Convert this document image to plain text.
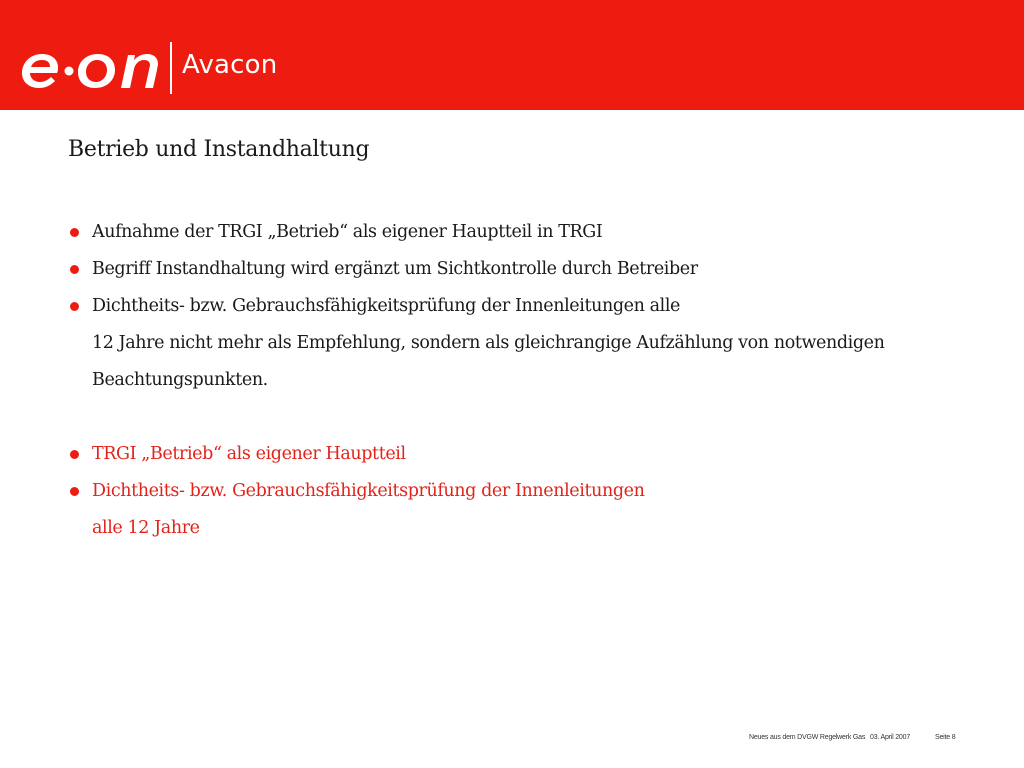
Avacon
Betrieb und Instandhaltung
Aufnahme der TRGI „Betrieb“ als eigener Hauptteil in TRGI
Begriff Instandhaltung wird ergänzt um Sichtkontrolle durch Betreiber
Dichtheits- bzw. Gebrauchsfähigkeitsprüfung der Innenleitungen alle
12 Jahre nicht mehr als Empfehlung, sondern als gleichrangige Aufzählung von notwendigen
Beachtungspunkten.
TRGI „Betrieb“ als eigener Hauptteil
Dichtheits- bzw. Gebrauchsfähigkeitsprüfung der Innenleitungen
alle 12 Jahre
Neues aus dem DVGW Regelwerk Gas 03. April 2007	Seite 8
